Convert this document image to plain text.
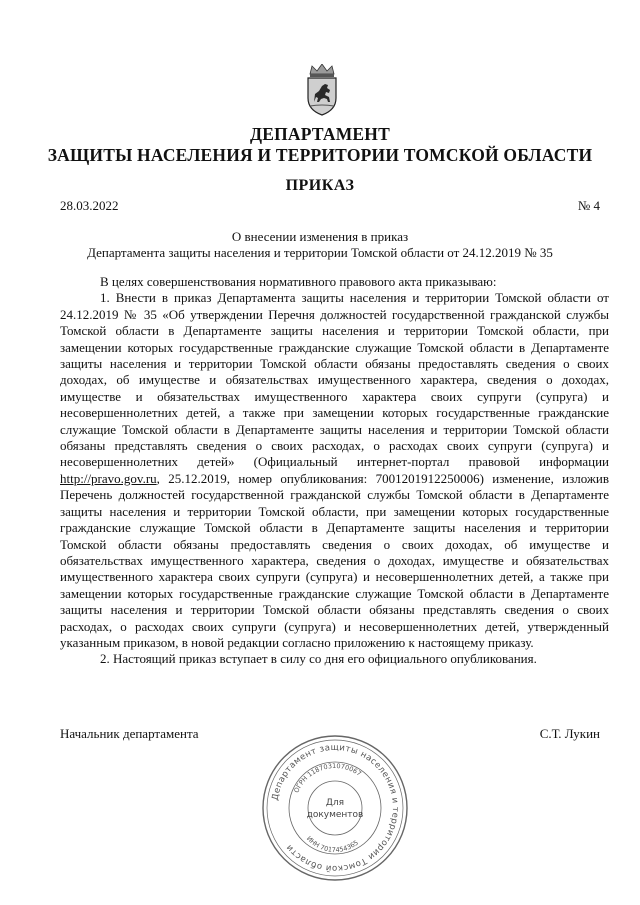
ДЕПАРТАМЕНТ
ЗАЩИТЫ НАСЕЛЕНИЯ И ТЕРРИТОРИИ ТОМСКОЙ ОБЛАСТИ
ПРИКАЗ
28.03.2022	№ 4
О внесении изменения в приказ
Департамента защиты населения и территории Томской области от 24.12.2019 № 35

В целях совершенствования нормативного правового акта приказываю:

1. Внести в приказ Департамента защиты населения и территории Томской области от 24.12.2019 № 35 «Об утверждении Перечня должностей государственной гражданской службы Томской области в Департаменте защиты населения и территории Томской области, при замещении которых государственные гражданские служащие Томской области в Департаменте защиты населения и территории Томской области обязаны предоставлять сведения о своих доходах, об имуществе и обязательствах имущественного характера, сведения о доходах, имуществе и обязательствах имущественного характера своих супруги (супруга) и несовершеннолетних детей, а также при замещении которых государственные гражданские служащие Томской области в Департаменте защиты населения и территории Томской области обязаны представлять сведения о своих расходах, о расходах своих супруги (супруга) и несовершеннолетних детей» (Официальный интернет-портал правовой информации http://pravo.gov.ru, 25.12.2019, номер опубликования: 7001201912250006) изменение, изложив Перечень должностей государственной гражданской службы Томской области в Департаменте защиты населения и территории Томской области, при замещении которых государственные гражданские служащие Томской области в Департаменте защиты населения и территории Томской области обязаны предоставлять сведения о своих доходах, об имуществе и обязательствах имущественного характера, сведения о доходах, имуществе и обязательствах имущественного характера своих супруги (супруга) и несовершеннолетних детей, а также при замещении которых государственные гражданские служащие Томской области в Департаменте защиты населения и территории Томской области обязаны представлять сведения о своих расходах, о расходах своих супруги (супруга) и несовершеннолетних детей, утвержденный указанным приказом, в новой редакции согласно приложению к настоящему приказу.

2. Настоящий приказ вступает в силу со дня его официального опубликования.

Начальник департамента	С.Т. Лукин
Департамент защиты населения и территории Томской области
ОГРН 1187031070067
ИНН 7017454365
Для
документов
